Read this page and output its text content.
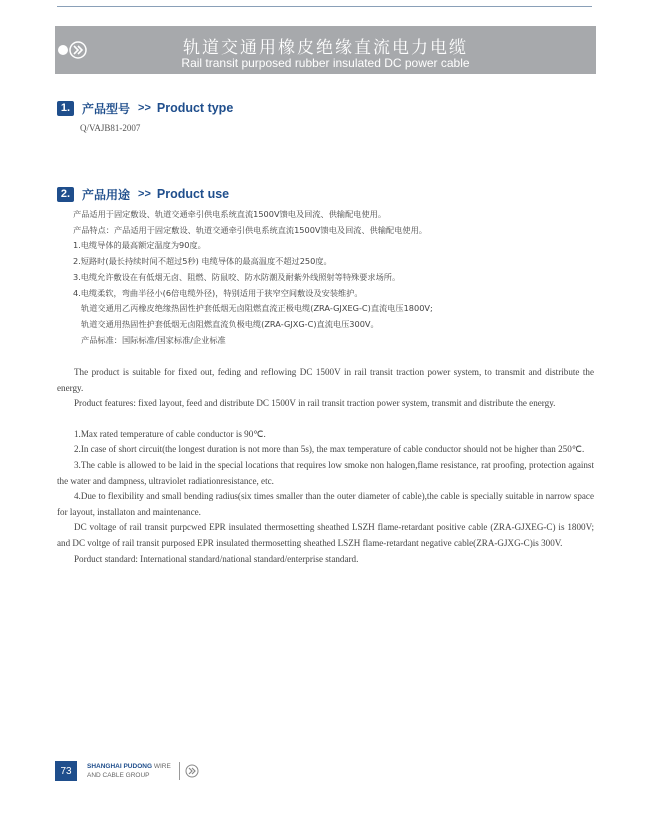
轨道交通用橡皮绝缘直流电力电缆
Rail transit purposed rubber insulated DC power cable
1. 产品型号 >> Product type
Q/VAJB81-2007
2. 产品用途 >> Product use
产品适用于固定敷设、轨道交通牵引供电系统直流1500V馈电及回流、供输配电使用。
产品特点：产品适用于固定敷设、轨道交通牵引供电系统直流1500V馈电及回流、供输配电使用。
1.电缆导体的最高额定温度为90度。
2.短路时(最长持续时间不超过5秒) 电缆导体的最高温度不超过250度。
3.电缆允许敷设在有低烟无卤、阻燃、防鼠咬、防水防潮及耐紫外线照射等特殊要求场所。
4.电缆柔软，弯曲半径小(6倍电缆外径)，特别适用于狭窄空间敷设及安装维护。
轨道交通用乙丙橡皮绝缘热固性护套低烟无卤阻燃直流正极电缆(ZRA-GJXEG-C)直流电压1800V;
轨道交通用热固性护套低烟无卤阻燃直流负极电缆(ZRA-GJXG-C)直流电压300V。
产品标准：国际标准/国家标准/企业标准

The product is suitable for fixed out, feding and reflowing DC 1500V in rail transit traction power system, to transmit and distribute the energy.

Product features: fixed layout, feed and distribute DC 1500V in rail transit traction power system, transmit and distribute the energy.

1.Max rated temperature of cable conductor is 90℃.

2.In case of short circuit(the longest duration is not more than 5s), the max temperature of cable conductor should not be higher than 250℃.

3.The cable is allowed to be laid in the special locations that requires low smoke non halogen,flame resistance, rat proofing, protection against the water and dampness, ultraviolet radiationresistance, etc.

4.Due to flexibility and small bending radius(six times smaller than the outer diameter of cable),the cable is specially suitable in narrow space for layout, installaton and maintenance.

DC voltage of rail transit purpcwed EPR insulated thermosetting sheathed LSZH flame-retardant positive cable (ZRA-GJXEG-C) is 1800V; and DC voltge of rail transit purposed EPR insulated thermosetting sheathed LSZH flame-retardant negative cable(ZRA-GJXG-C)is 300V.

Porduct standard: International standard/national standard/enterprise standard.

73	SHANGHAI PUDONG WIRE
AND CABLE GROUP
